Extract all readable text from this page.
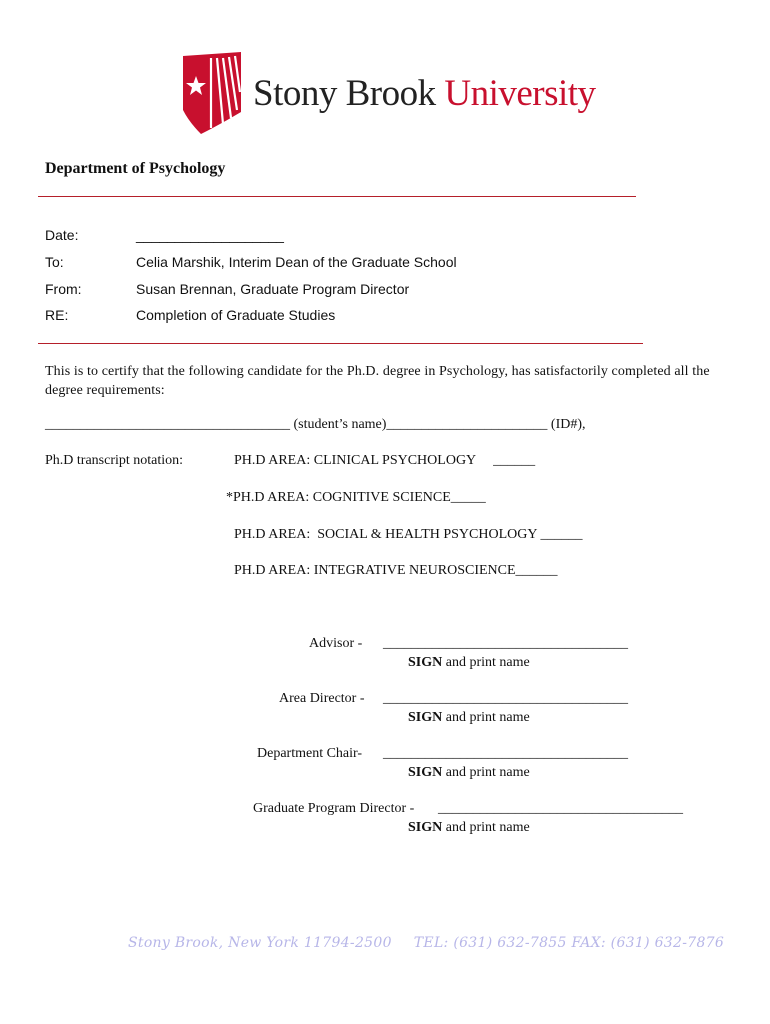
Stony Brook University
Department of Psychology
Date:	___________________
To:	Celia Marshik, Interim Dean of the Graduate School
From:	Susan Brennan, Graduate Program Director
RE:	Completion of Graduate Studies
This is to certify that the following candidate for the Ph.D. degree in Psychology, has satisfactorily completed all the degree requirements:
___________________________________ (student’s name)_______________________ (ID#),
Ph.D transcript notation:	PH.D AREA: CLINICAL PSYCHOLOGY     ______
*PH.D AREA: COGNITIVE SCIENCE_____
PH.D AREA:  SOCIAL & HEALTH PSYCHOLOGY ______
PH.D AREA: INTEGRATIVE NEUROSCIENCE______
Advisor - ___________________________________
SIGN and print name
Area Director - ___________________________________
SIGN and print name
Department Chair- ___________________________________
SIGN and print name
Graduate Program Director - ___________________________________
SIGN and print name
Stony Brook, New York 11794-2500 TEL: (631) 632-7855 FAX: (631) 632-7876
